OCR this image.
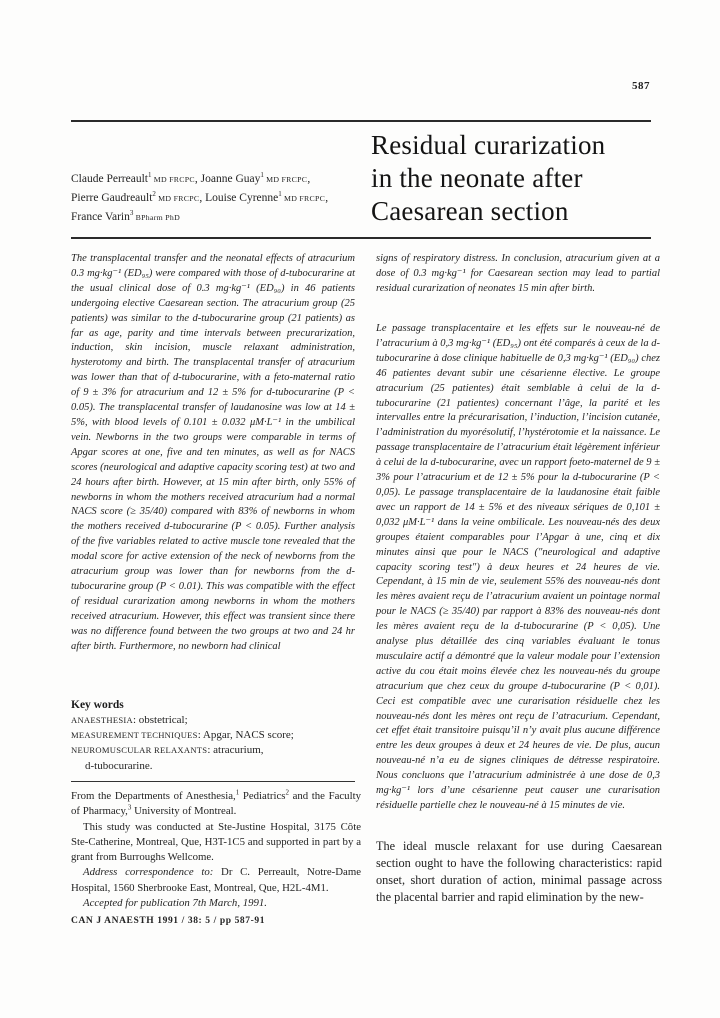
587

Claude Perreault$^1$ MD FRCPC, Joanne Guay$^1$ MD FRCPC,

Pierre Gaudreault$^2$ MD FRCPC, Louise Cyrenne$^1$ MD FRCPC,

France Varin$^3$ BPharm PhD

Residual curarization
in the neonate after
Caesarean section

The transplacental transfer and the neonatal effects of atracurium 0.3 mg·kg⁻¹ (ED₉₅) were compared with those of d-tubocurarine at the usual clinical dose of 0.3 mg·kg⁻¹ (ED₉₀) in 46 patients undergoing elective Caesarean section. The atracurium group (25 patients) was similar to the d-tubocurarine group (21 patients) as far as age, parity and time intervals between precurarization, induction, skin incision, muscle relaxant administration, hysterotomy and birth. The transplacental transfer of atracurium was lower than that of d-tubocurarine, with a feto-maternal ratio of 9 ± 3% for atracurium and 12 ± 5% for d-tubocurarine (P < 0.05). The transplacental transfer of laudanosine was low at 14 ± 5%, with blood levels of 0.101 ± 0.032 μM·L⁻¹ in the umbilical vein. Newborns in the two groups were comparable in terms of Apgar scores at one, five and ten minutes, as well as for NACS scores (neurological and adaptive capacity scoring test) at two and 24 hours after birth. However, at 15 min after birth, only 55% of newborns in whom the mothers received atracurium had a normal NACS score (≥ 35/40) compared with 83% of newborns in whom the mothers received d-tubocurarine (P < 0.05). Further analysis of the five variables related to active muscle tone revealed that the modal score for active extension of the neck of newborns from the atracurium group was lower than for newborns from the d-tubocurarine group (P < 0.01). This was compatible with the effect of residual curarization among newborns in whom the mothers received atracurium. However, this effect was transient since there was no difference found between the two groups at two and 24 hr after birth. Furthermore, no newborn had clinical

signs of respiratory distress. In conclusion, atracurium given at a dose of 0.3 mg·kg⁻¹ for Caesarean section may lead to partial residual curarization of neonates 15 min after birth.

Le passage transplacentaire et les effets sur le nouveau-né de l’atracurium à 0,3 mg·kg⁻¹ (ED₉₅) ont été comparés à ceux de la d-tubocurarine à dose clinique habituelle de 0,3 mg·kg⁻¹ (ED₉₀) chez 46 patientes devant subir une césarienne élective. Le groupe atracurium (25 patientes) était semblable à celui de la d-tubocurarine (21 patientes) concernant l’âge, la parité et les intervalles entre la précurarisation, l’induction, l’incision cutanée, l’administration du myorésolutif, l’hystérotomie et la naissance. Le passage transplacentaire de l’atracurium était légèrement inférieur à celui de la d-tubocurarine, avec un rapport foeto-maternel de 9 ± 3% pour l’atracurium et de 12 ± 5% pour la d-tubocurarine (P < 0,05). Le passage transplacentaire de la laudanosine était faible avec un rapport de 14 ± 5% et des niveaux sériques de 0,101 ± 0,032 μM·L⁻¹ dans la veine ombilicale. Les nouveau-nés des deux groupes étaient comparables pour l’Apgar à une, cinq et dix minutes ainsi que pour le NACS ("neurological and adaptive capacity scoring test") à deux heures et 24 heures de vie. Cependant, à 15 min de vie, seulement 55% des nouveau-nés dont les mères avaient reçu de l’atracurium avaient un pointage normal pour le NACS (≥ 35/40) par rapport à 83% des nouveau-nés dont les mères avaient reçu de la d-tubocurarine (P < 0,05). Une analyse plus détaillée des cinq variables évaluant le tonus musculaire actif a démontré que la valeur modale pour l’extension active du cou était moins élevée chez les nouveau-nés du groupe atracurium que chez ceux du groupe d-tubocurarine (P < 0,01). Ceci est compatible avec une curarisation résiduelle chez les nouveau-nés dont les mères ont reçu de l’atracurium. Cependant, cet effet était transitoire puisqu’il n’y avait plus aucune différence entre les deux groupes à deux et 24 heures de vie. De plus, aucun nouveau-né n’a eu de signes cliniques de détresse respiratoire. Nous concluons que l’atracurium administrée à une dose de 0,3 mg·kg⁻¹ lors d’une césarienne peut causer une curarisation résiduelle partielle chez le nouveau-né à 15 minutes de vie.

Key words

ANAESTHESIA: obstetrical;

MEASUREMENT TECHNIQUES: Apgar, NACS score;

NEUROMUSCULAR RELAXANTS: atracurium,

d-tubocurarine.

From the Departments of Anesthesia,$^1$ Pediatrics$^2$ and the Faculty of Pharmacy,$^3$ University of Montreal.

This study was conducted at Ste-Justine Hospital, 3175 Côte Ste-Catherine, Montreal, Que, H3T-1C5 and supported in part by a grant from Burroughs Wellcome.

Address correspondence to: Dr C. Perreault, Notre-Dame Hospital, 1560 Sherbrooke East, Montreal, Que, H2L-4M1.

Accepted for publication 7th March, 1991.

CAN J ANAESTH 1991 / 38: 5 / pp 587-91

The ideal muscle relaxant for use during Caesarean section ought to have the following characteristics: rapid onset, short duration of action, minimal passage across the placental barrier and rapid elimination by the new-
